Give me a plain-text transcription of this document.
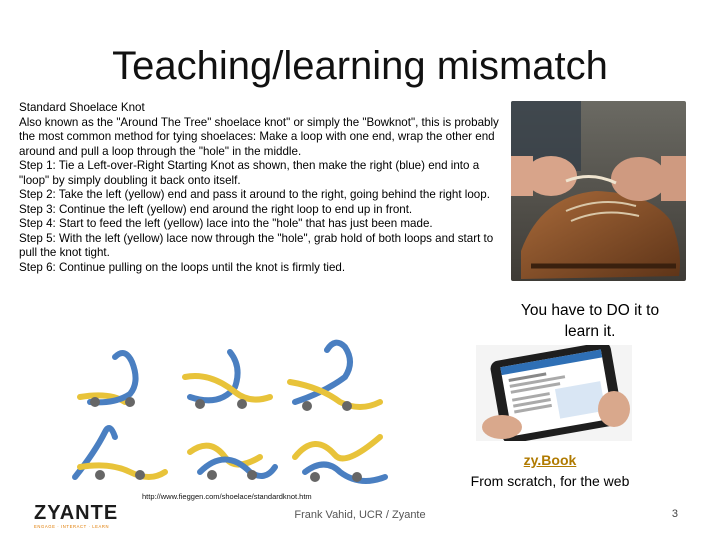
Teaching/learning mismatch
Standard Shoelace Knot
Also known as the "Around The Tree" shoelace knot" or simply the "Bowknot", this is probably the most common method for tying shoelaces: Make a loop with one end, wrap the other end around and pull a loop through the "hole" in the middle.
Step 1: Tie a Left-over-Right Starting Knot as shown, then make the right (blue) end into a "loop" by simply doubling it back onto itself.
Step 2: Take the left (yellow) end and pass it around to the right, going behind the right loop.
Step 3: Continue the left (yellow) end around the right loop to end up in front.
Step 4: Start to feed the left (yellow) lace into the "hole" that has just been made.
Step 5: With the left (yellow) lace now through the "hole", grab hold of both loops and start to pull the knot tight.
Step 6: Continue pulling on the loops until the knot is firmly tied.
You have to DO it to learn it.
zy.Book
From scratch, for the web
http://www.fieggen.com/shoelace/standardknot.htm
ZYANTE
ENGAGE · INTERACT · LEARN
Frank Vahid, UCR / Zyante	3
